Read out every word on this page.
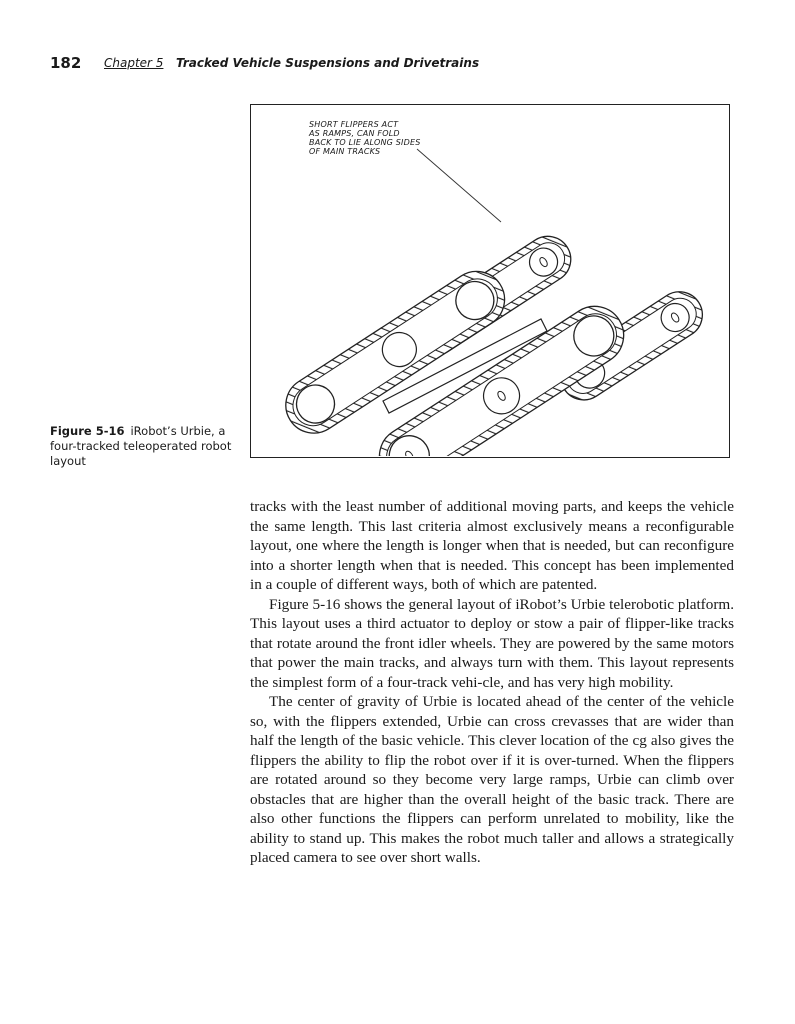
182 Chapter 5 Tracked Vehicle Suspensions and Drivetrains
SHORT FLIPPERS ACT
AS RAMPS, CAN FOLD
BACK TO LIE ALONG SIDES
OF MAIN TRACKS
Figure 5-16 iRobot’s Urbie, a four-tracked teleoperated robot layout

tracks with the least number of additional moving parts, and keeps the vehicle the same length. This last criteria almost exclusively means a reconfigurable layout, one where the length is longer when that is needed, but can reconfigure into a shorter length when that is needed. This concept has been implemented in a couple of different ways, both of which are patented.

Figure 5-16 shows the general layout of iRobot’s Urbie telerobotic platform. This layout uses a third actuator to deploy or stow a pair of flipper-like tracks that rotate around the front idler wheels. They are powered by the same motors that power the main tracks, and always turn with them. This layout represents the simplest form of a four-track vehi-cle, and has very high mobility.

The center of gravity of Urbie is located ahead of the center of the vehicle so, with the flippers extended, Urbie can cross crevasses that are wider than half the length of the basic vehicle. This clever location of the cg also gives the flippers the ability to flip the robot over if it is over-turned. When the flippers are rotated around so they become very large ramps, Urbie can climb over obstacles that are higher than the overall height of the basic track. There are also other functions the flippers can perform unrelated to mobility, like the ability to stand up. This makes the robot much taller and allows a strategically placed camera to see over short walls.
